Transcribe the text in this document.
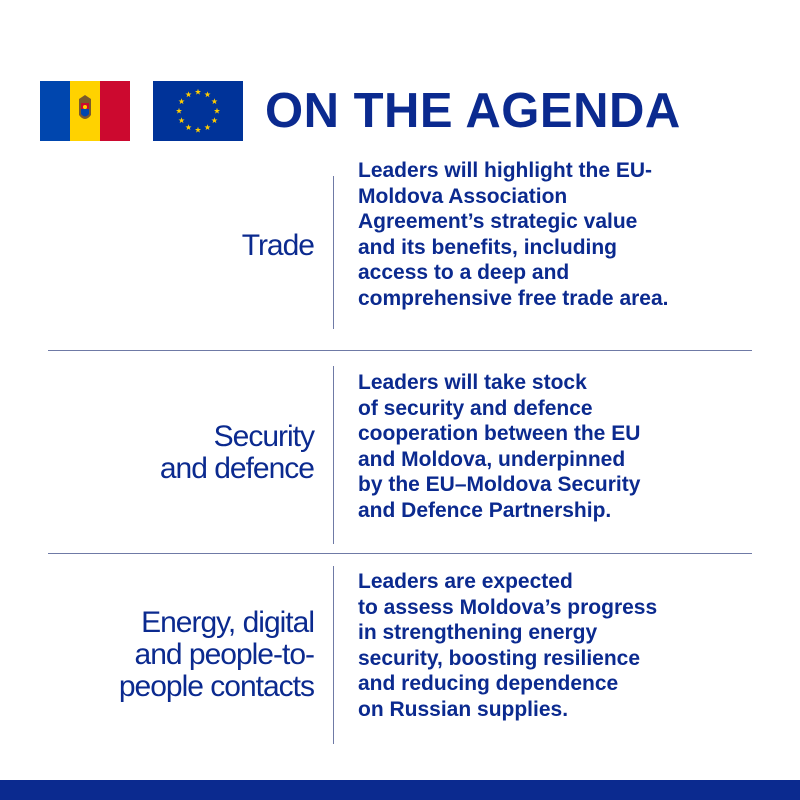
ON THE AGENDA
Trade
Leaders will highlight the EU-
Moldova Association
Agreement’s strategic value
and its benefits, including
access to a deep and
comprehensive free trade area.
Security
and defence
Leaders will take stock
of security and defence
cooperation between the EU
and Moldova, underpinned
by the EU–Moldova Security
and Defence Partnership.
Energy, digital
and people-to-
people contacts
Leaders are expected
to assess Moldova’s progress
in strengthening energy
security, boosting resilience
and reducing dependence
on Russian supplies.
